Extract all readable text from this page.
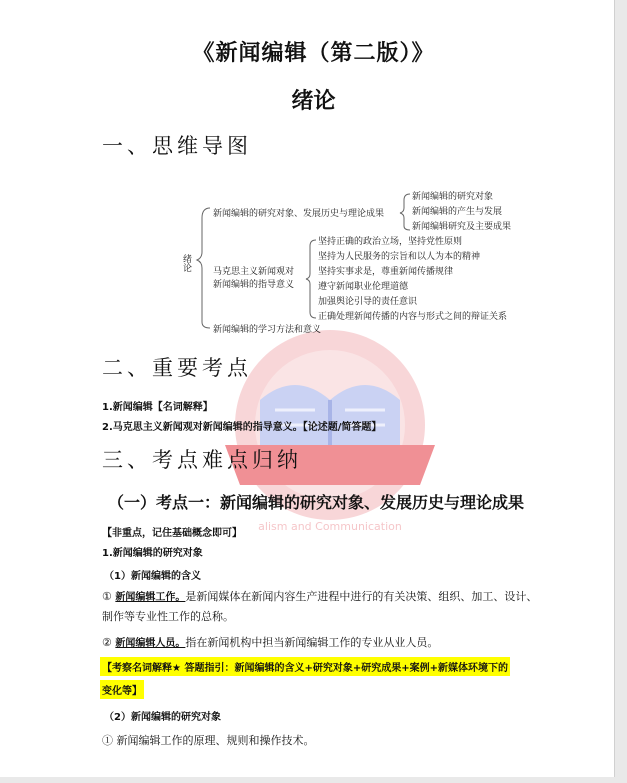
alism and Communication
《新闻编辑（第二版）》
绪论
一、思维导图
绪论
新闻编辑的研究对象、发展历史与理论成果
新闻编辑的研究对象
新闻编辑的产生与发展
新闻编辑研究及主要成果
马克思主义新闻观对
新闻编辑的指导意义
坚持正确的政治立场，坚持党性原则
坚持为人民服务的宗旨和以人为本的精神
坚持实事求是，尊重新闻传播规律
遵守新闻职业伦理道德
加强舆论引导的责任意识
正确处理新闻传播的内容与形式之间的辩证关系
新闻编辑的学习方法和意义
二、重要考点
1.新闻编辑【名词解释】
2.马克思主义新闻观对新闻编辑的指导意义。【论述题/简答题】
三、考点难点归纳
（一）考点一：新闻编辑的研究对象、发展历史与理论成果
【非重点，记住基础概念即可】
1.新闻编辑的研究对象
（1）新闻编辑的含义
① 新闻编辑工作。是新闻媒体在新闻内容生产进程中进行的有关决策、组织、加工、设计、
制作等专业性工作的总称。
② 新闻编辑人员。指在新闻机构中担当新闻编辑工作的专业从业人员。
【考察名词解释★ 答题指引：新闻编辑的含义+研究对象+研究成果+案例+新媒体环境下的
变化等】
（2）新闻编辑的研究对象
① 新闻编辑工作的原理、规则和操作技术。
